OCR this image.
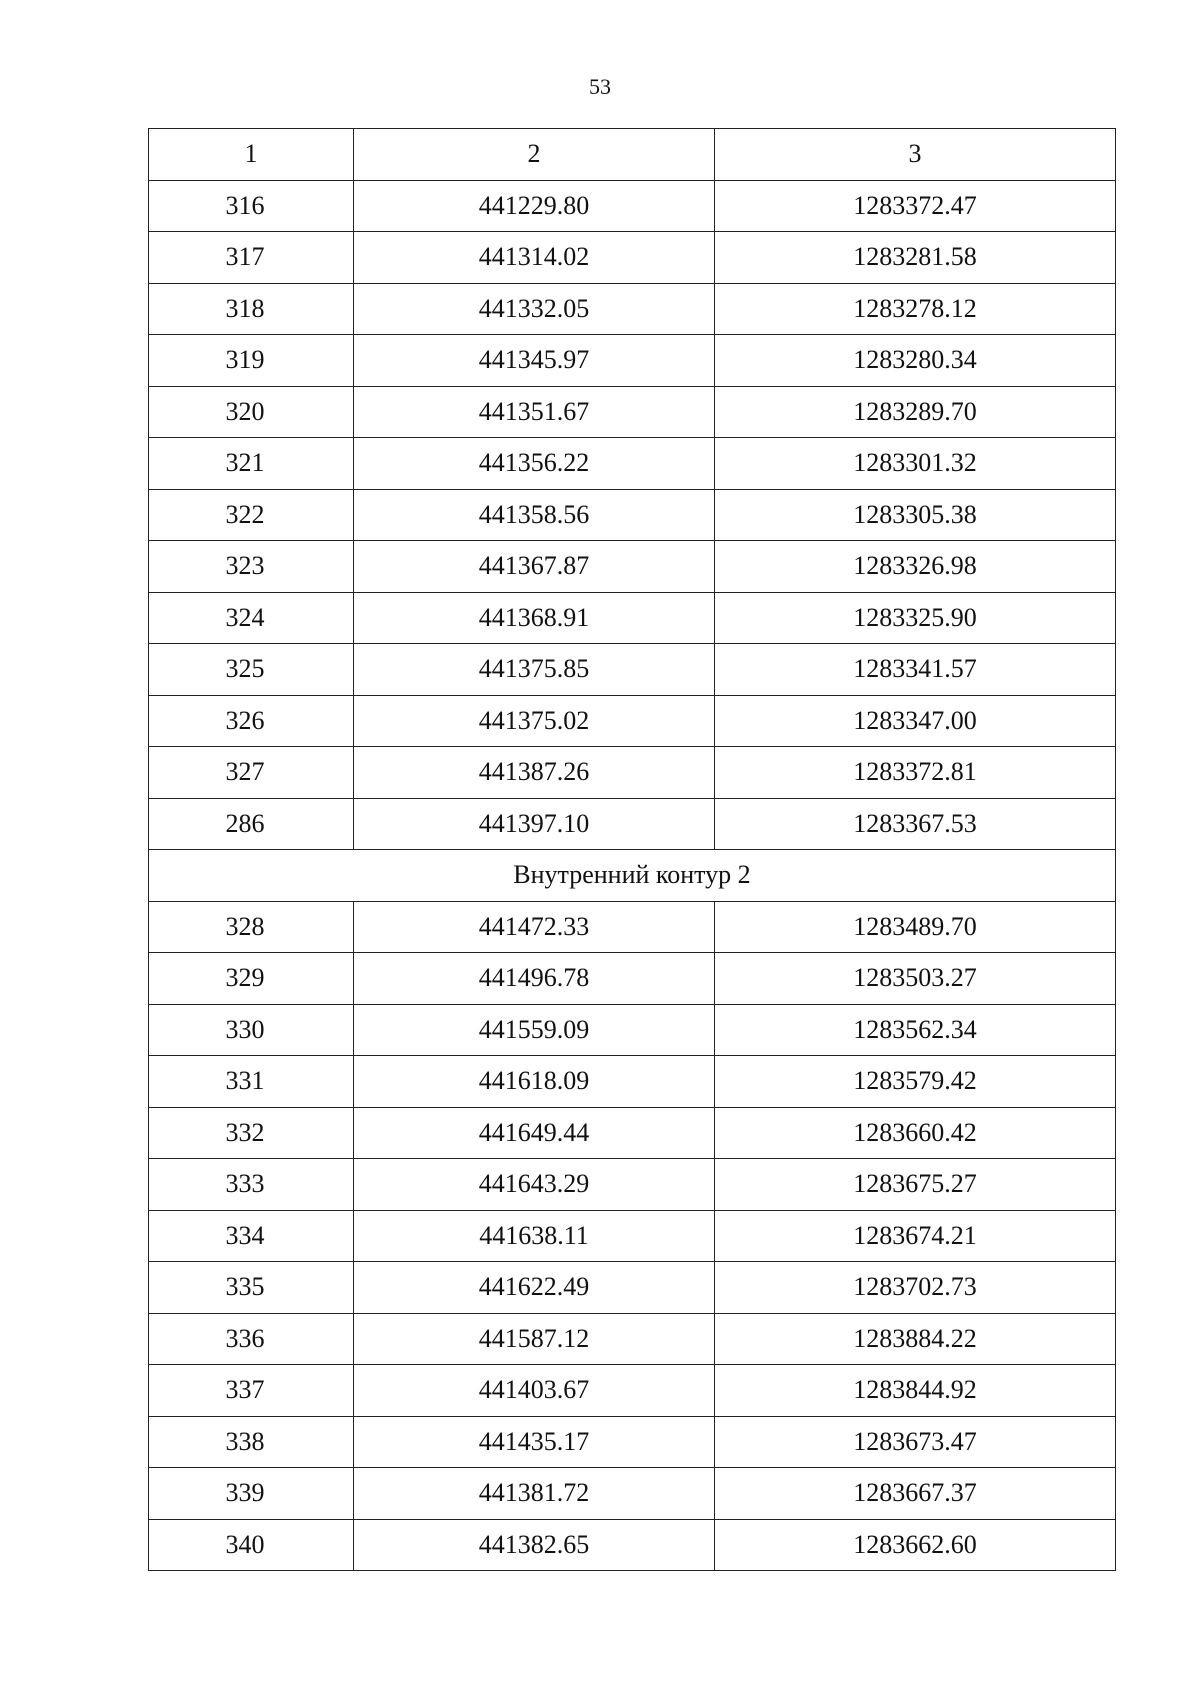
53
1	2	3
316	441229.80	1283372.47
317	441314.02	1283281.58
318	441332.05	1283278.12
319	441345.97	1283280.34
320	441351.67	1283289.70
321	441356.22	1283301.32
322	441358.56	1283305.38
323	441367.87	1283326.98
324	441368.91	1283325.90
325	441375.85	1283341.57
326	441375.02	1283347.00
327	441387.26	1283372.81
286	441397.10	1283367.53
Внутренний контур 2		
328	441472.33	1283489.70
329	441496.78	1283503.27
330	441559.09	1283562.34
331	441618.09	1283579.42
332	441649.44	1283660.42
333	441643.29	1283675.27
334	441638.11	1283674.21
335	441622.49	1283702.73
336	441587.12	1283884.22
337	441403.67	1283844.92
338	441435.17	1283673.47
339	441381.72	1283667.37
340	441382.65	1283662.60
